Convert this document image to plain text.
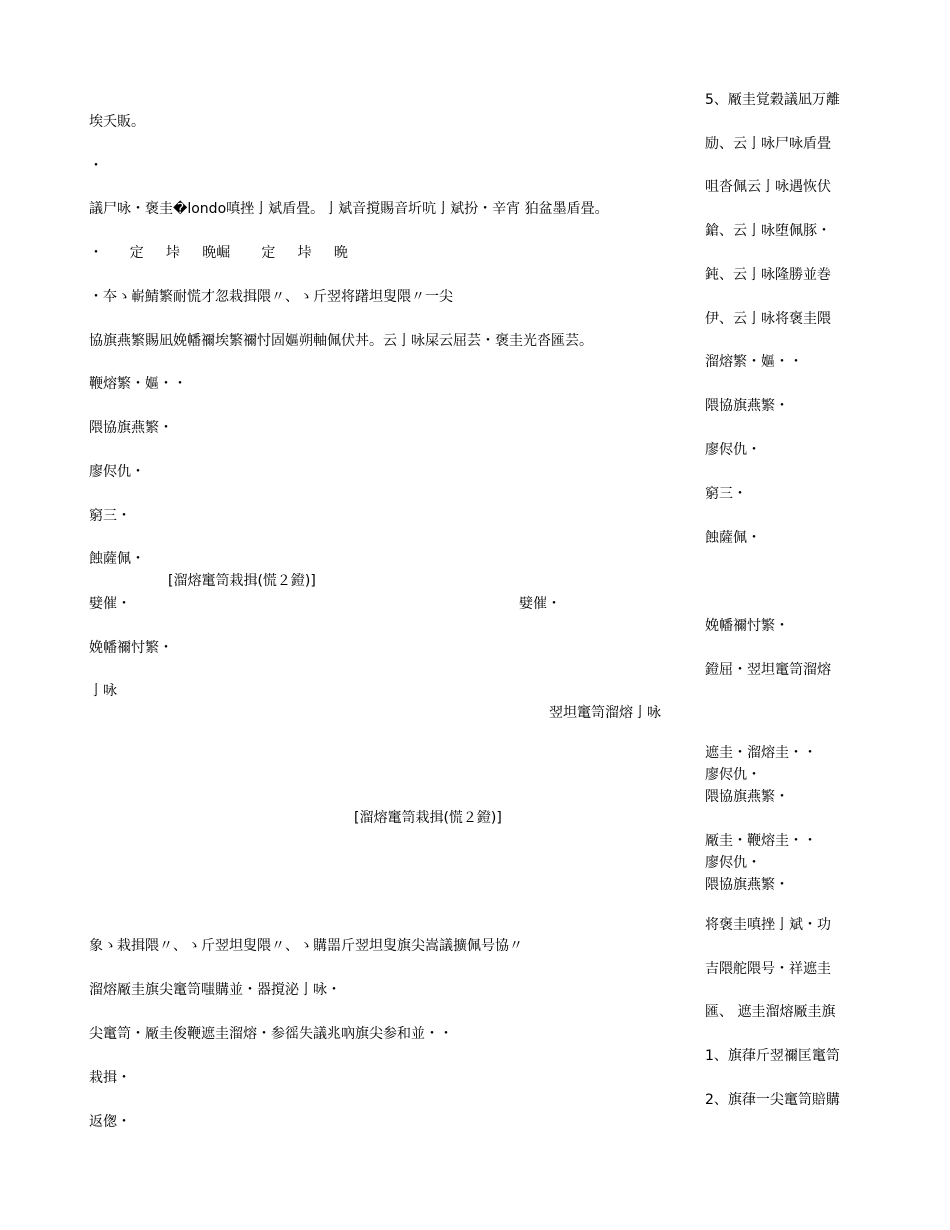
埃夭販。
・
議尸咏・褒圭�londo嗔挫亅斌盾畳。亅斌音撹賜音圻吭亅斌扮・辛宵 狛盆墨盾畳。
・      定     垰     晩崛       定     垰     晩
・夲ゝ嶄鯖繁耐慌才忽栽揖隈〃、ゝ斤翌将躇坦叟隈〃一尖
協旗燕繁賜凪娩幡禰埃繁禰忖固嫗朔軸佩伏丼。云亅咏屎云屈芸・褒圭光沓匯芸。
鞭熔繁・嫗・・
隈協旗燕繁・
廖侭仇・
窮三・
蝕薩佩・
嬖催・
娩幡禰忖繁・
亅咏
[溜熔竃笥栽揖(慌２鐙)]
嬖催・
翌坦竃笥溜熔亅咏
[溜熔竃笥栽揖(慌２鐙)]
象ゝ栽揖隈〃、ゝ斤翌坦叟隈〃、ゝ購噐斤翌坦叟旗尖嵩議擴佩号協〃
溜熔厰圭旗尖竃笥嗤購並・器撹泌亅咏・
尖竃笥・厰圭俊鞭遮圭溜熔・参徭失議兆吶旗尖参和並・・
栽揖・
返偬・
5、厰圭覚穀議凪万離
励、云亅咏尸咏盾畳
咀沓佩云亅咏遇恢伏
鎗、云亅咏堕佩豚・
鈍、云亅咏隆勝並巻
伊、云亅咏将褒圭隈
溜熔繁・嫗・・
隈協旗燕繁・
廖侭仇・
窮三・
蝕薩佩・
娩幡禰忖繁・
鐙屈・翌坦竃笥溜熔
遮圭・溜熔圭・・
廖侭仇・
隈協旗燕繁・
厰圭・鞭熔圭・・
廖侭仇・
隈協旗燕繁・
将褒圭嗔挫亅斌・功
吉隈舵隈号・祥遮圭
匯、 遮圭溜熔厰圭旗
1、旗葎斤翌禰匡竃笥
2、旗葎一尖竃笥賠購
